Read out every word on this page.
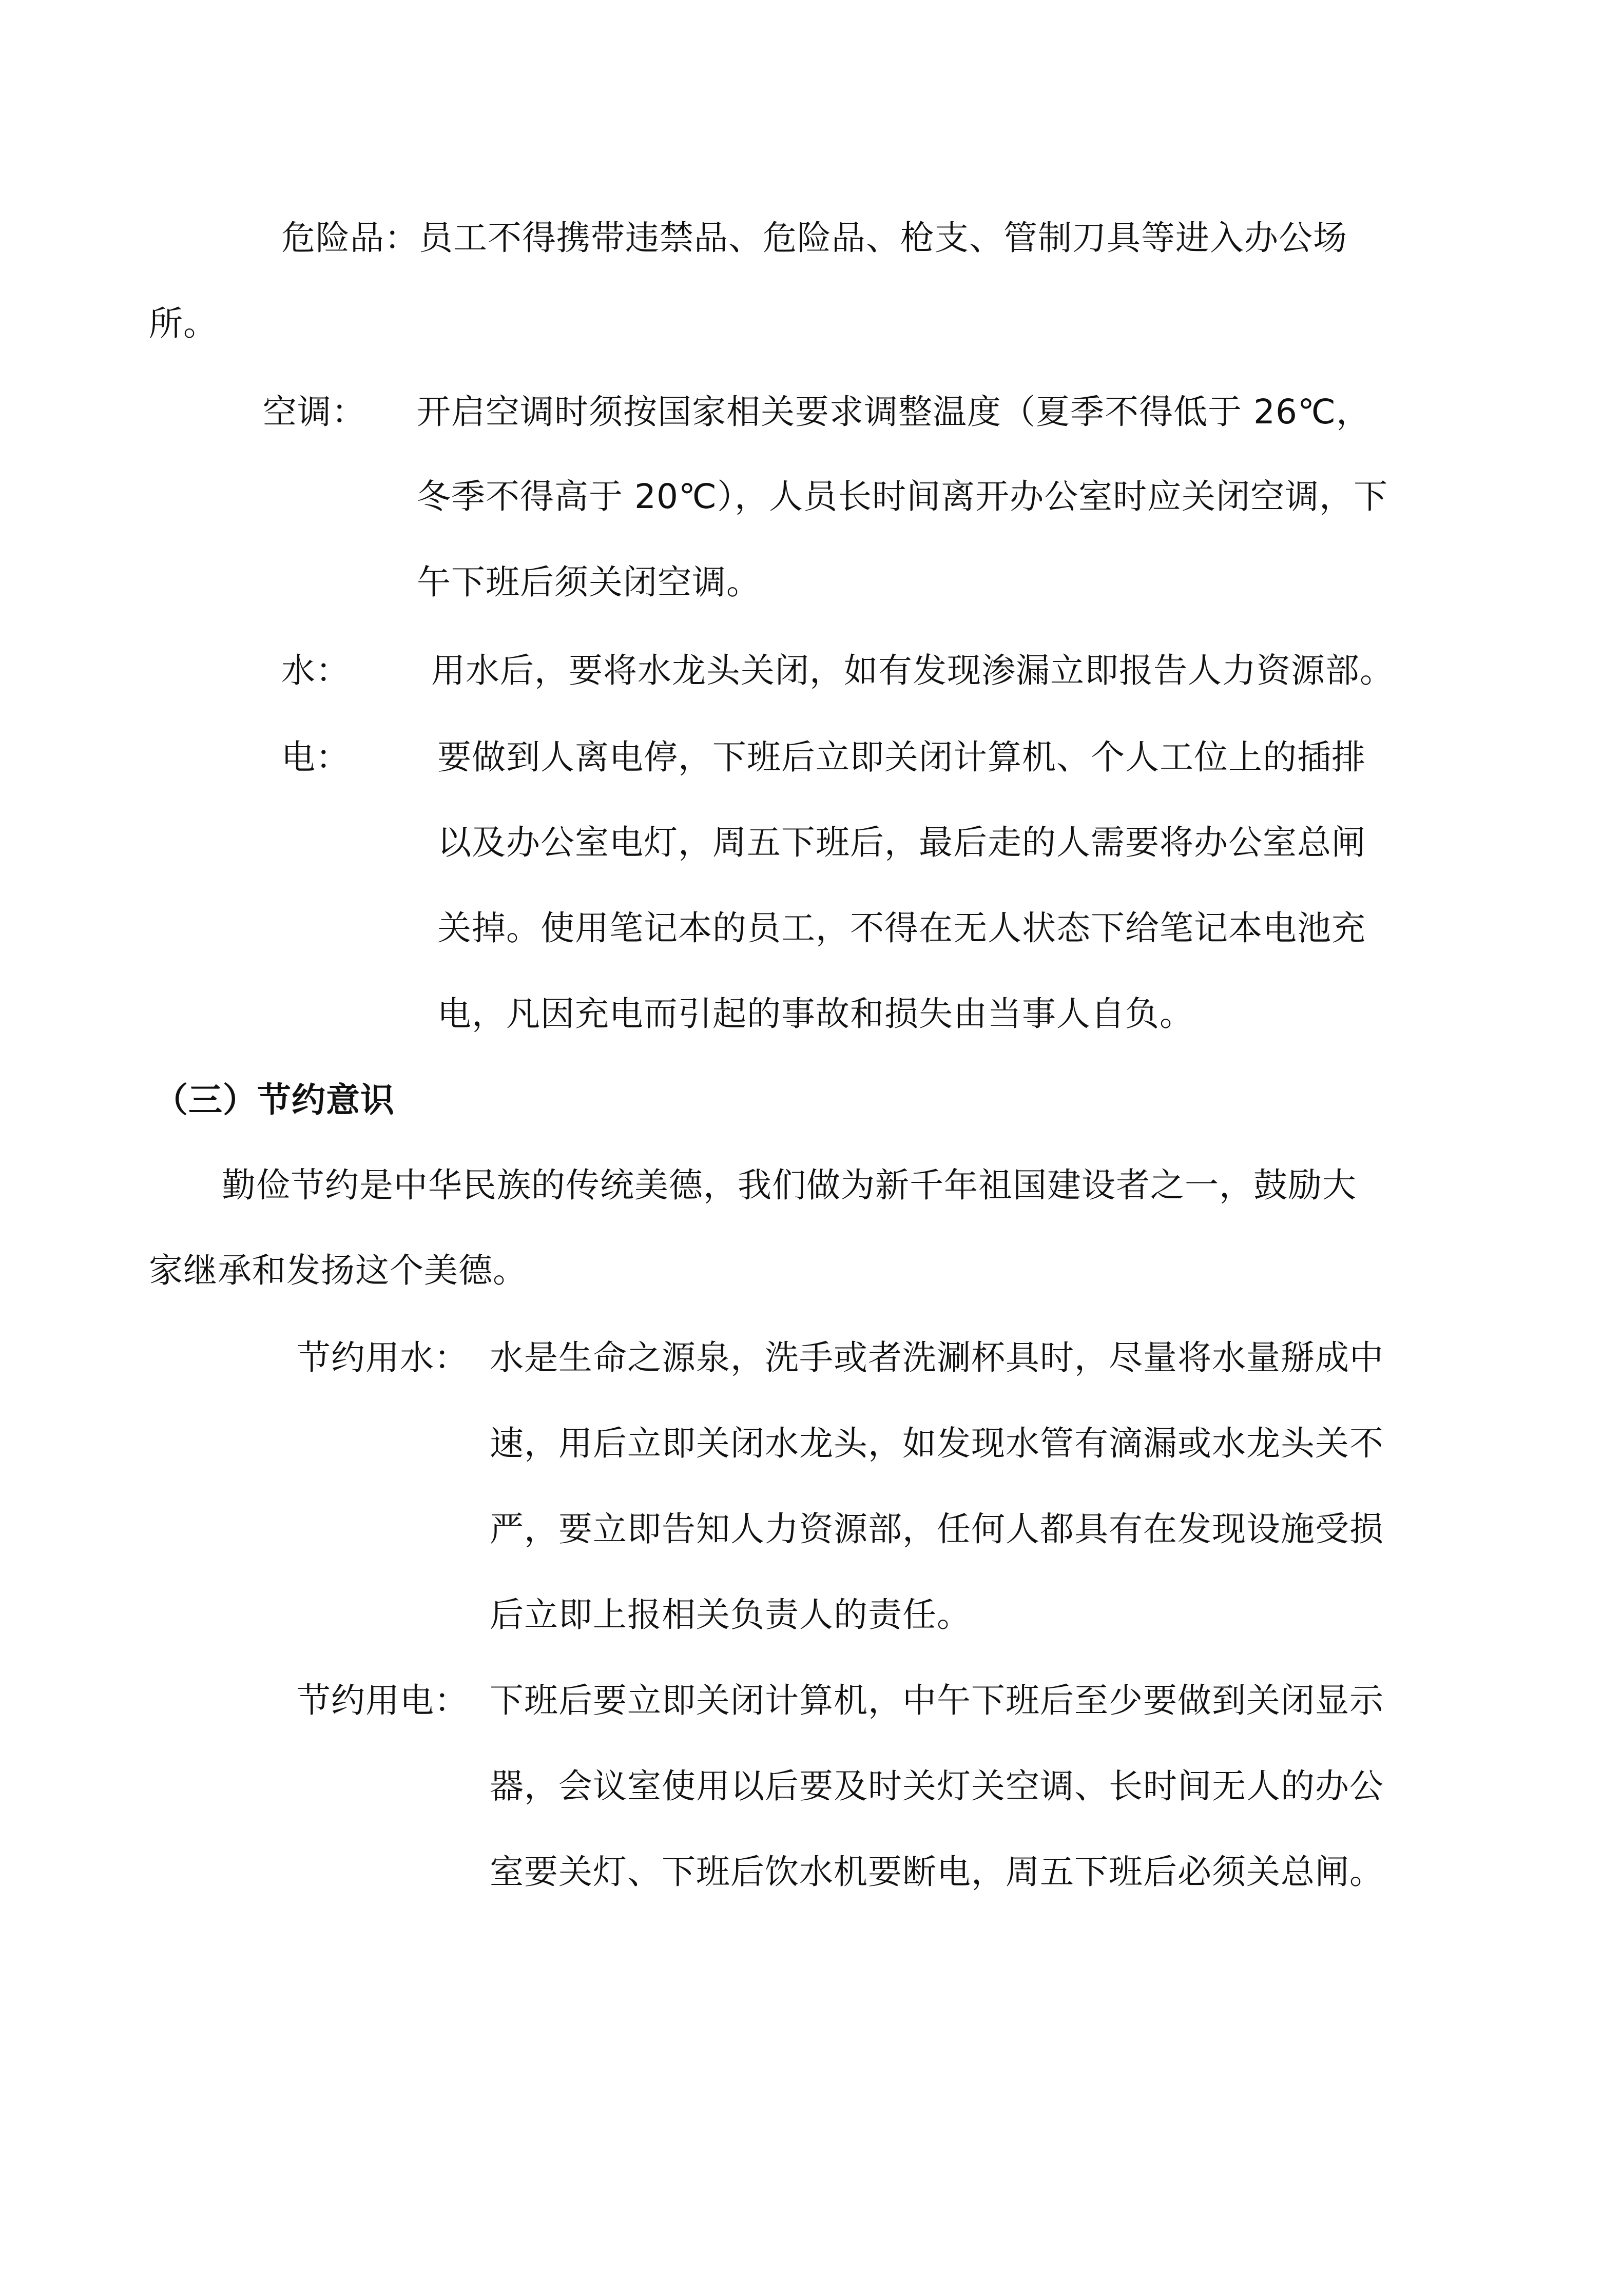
危险品：员工不得携带违禁品、危险品、枪支、管制刀具等进入办公场
所。
空调： 开启空调时须按国家相关要求调整温度（夏季不得低于 26℃，
冬季不得高于 20℃），人员长时间离开办公室时应关闭空调，下
午下班后须关闭空调。
水： 用水后，要将水龙头关闭，如有发现渗漏立即报告人力资源部。
电：	要做到人离电停，下班后立即关闭计算机、个人工位上的插排
以及办公室电灯，周五下班后，最后走的人需要将办公室总闸
关掉。使用笔记本的员工，不得在无人状态下给笔记本电池充
电，凡因充电而引起的事故和损失由当事人自负。
（三）节约意识
勤俭节约是中华民族的传统美德，我们做为新千年祖国建设者之一，鼓励大
家继承和发扬这个美德。
节约用水： 水是生命之源泉，洗手或者洗涮杯具时，尽量将水量掰成中
速，用后立即关闭水龙头，如发现水管有滴漏或水龙头关不
严，要立即告知人力资源部，任何人都具有在发现设施受损
后立即上报相关负责人的责任。
节约用电： 下班后要立即关闭计算机，中午下班后至少要做到关闭显示
器，会议室使用以后要及时关灯关空调、长时间无人的办公
室要关灯、下班后饮水机要断电，周五下班后必须关总闸。
